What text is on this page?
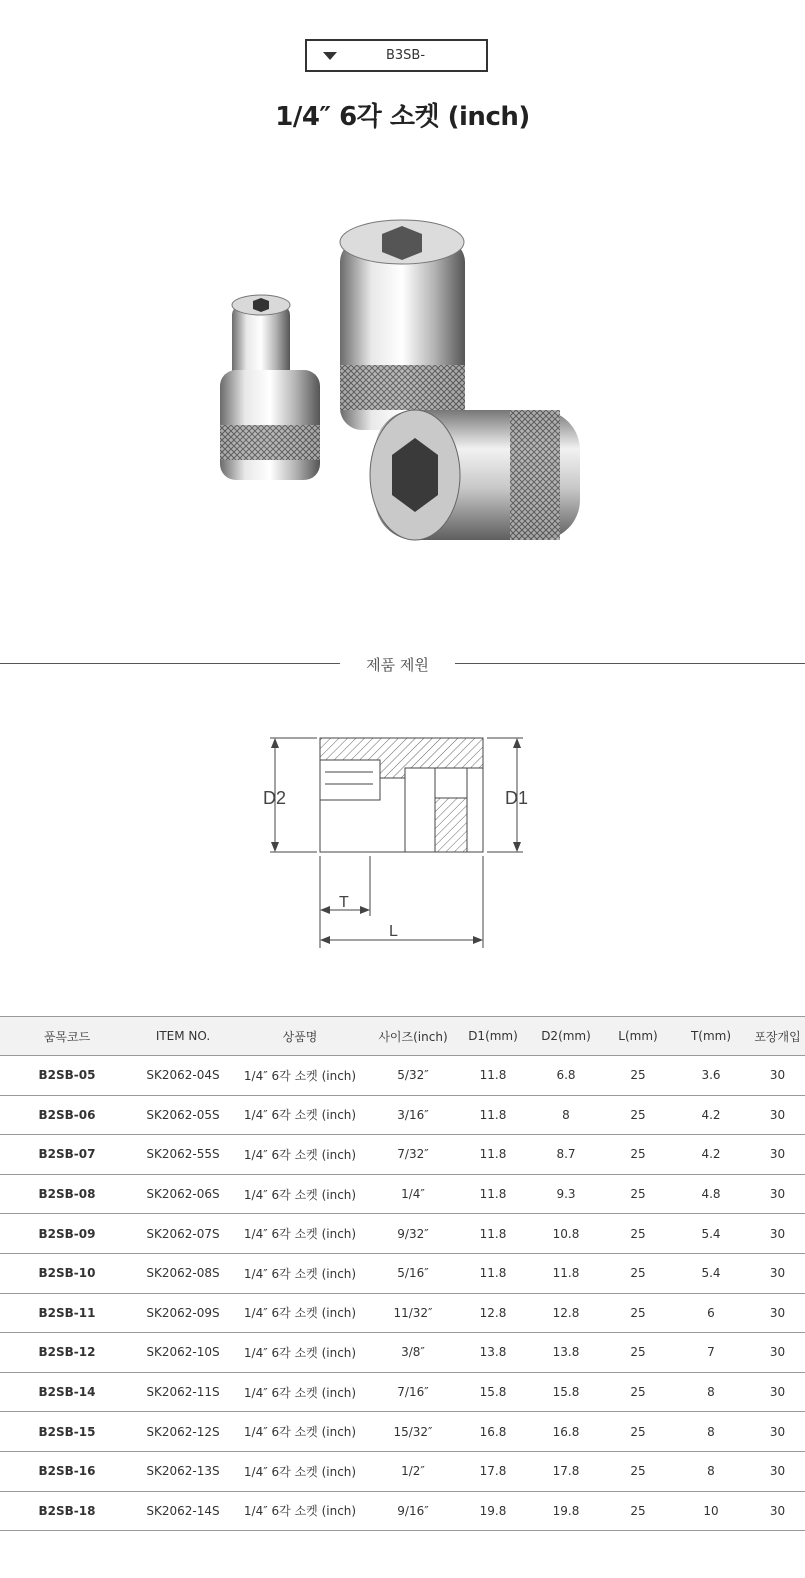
B3SB-
1/4″ 6각 소켓 (inch)
제품 제원
D2	D1
T
L
품목코드	ITEM NO.	상품명	사이즈(inch)	D1(mm)	D2(mm)	L(mm)	T(mm)	포장개입
B2SB-05	SK2062-04S	1/4″ 6각 소켓 (inch)	5/32″	11.8	6.8	25	3.6	30
B2SB-06	SK2062-05S	1/4″ 6각 소켓 (inch)	3/16″	11.8	8	25	4.2	30
B2SB-07	SK2062-55S	1/4″ 6각 소켓 (inch)	7/32″	11.8	8.7	25	4.2	30
B2SB-08	SK2062-06S	1/4″ 6각 소켓 (inch)	1/4″	11.8	9.3	25	4.8	30
B2SB-09	SK2062-07S	1/4″ 6각 소켓 (inch)	9/32″	11.8	10.8	25	5.4	30
B2SB-10	SK2062-08S	1/4″ 6각 소켓 (inch)	5/16″	11.8	11.8	25	5.4	30
B2SB-11	SK2062-09S	1/4″ 6각 소켓 (inch)	11/32″	12.8	12.8	25	6	30
B2SB-12	SK2062-10S	1/4″ 6각 소켓 (inch)	3/8″	13.8	13.8	25	7	30
B2SB-14	SK2062-11S	1/4″ 6각 소켓 (inch)	7/16″	15.8	15.8	25	8	30
B2SB-15	SK2062-12S	1/4″ 6각 소켓 (inch)	15/32″	16.8	16.8	25	8	30
B2SB-16	SK2062-13S	1/4″ 6각 소켓 (inch)	1/2″	17.8	17.8	25	8	30
B2SB-18	SK2062-14S	1/4″ 6각 소켓 (inch)	9/16″	19.8	19.8	25	10	30
